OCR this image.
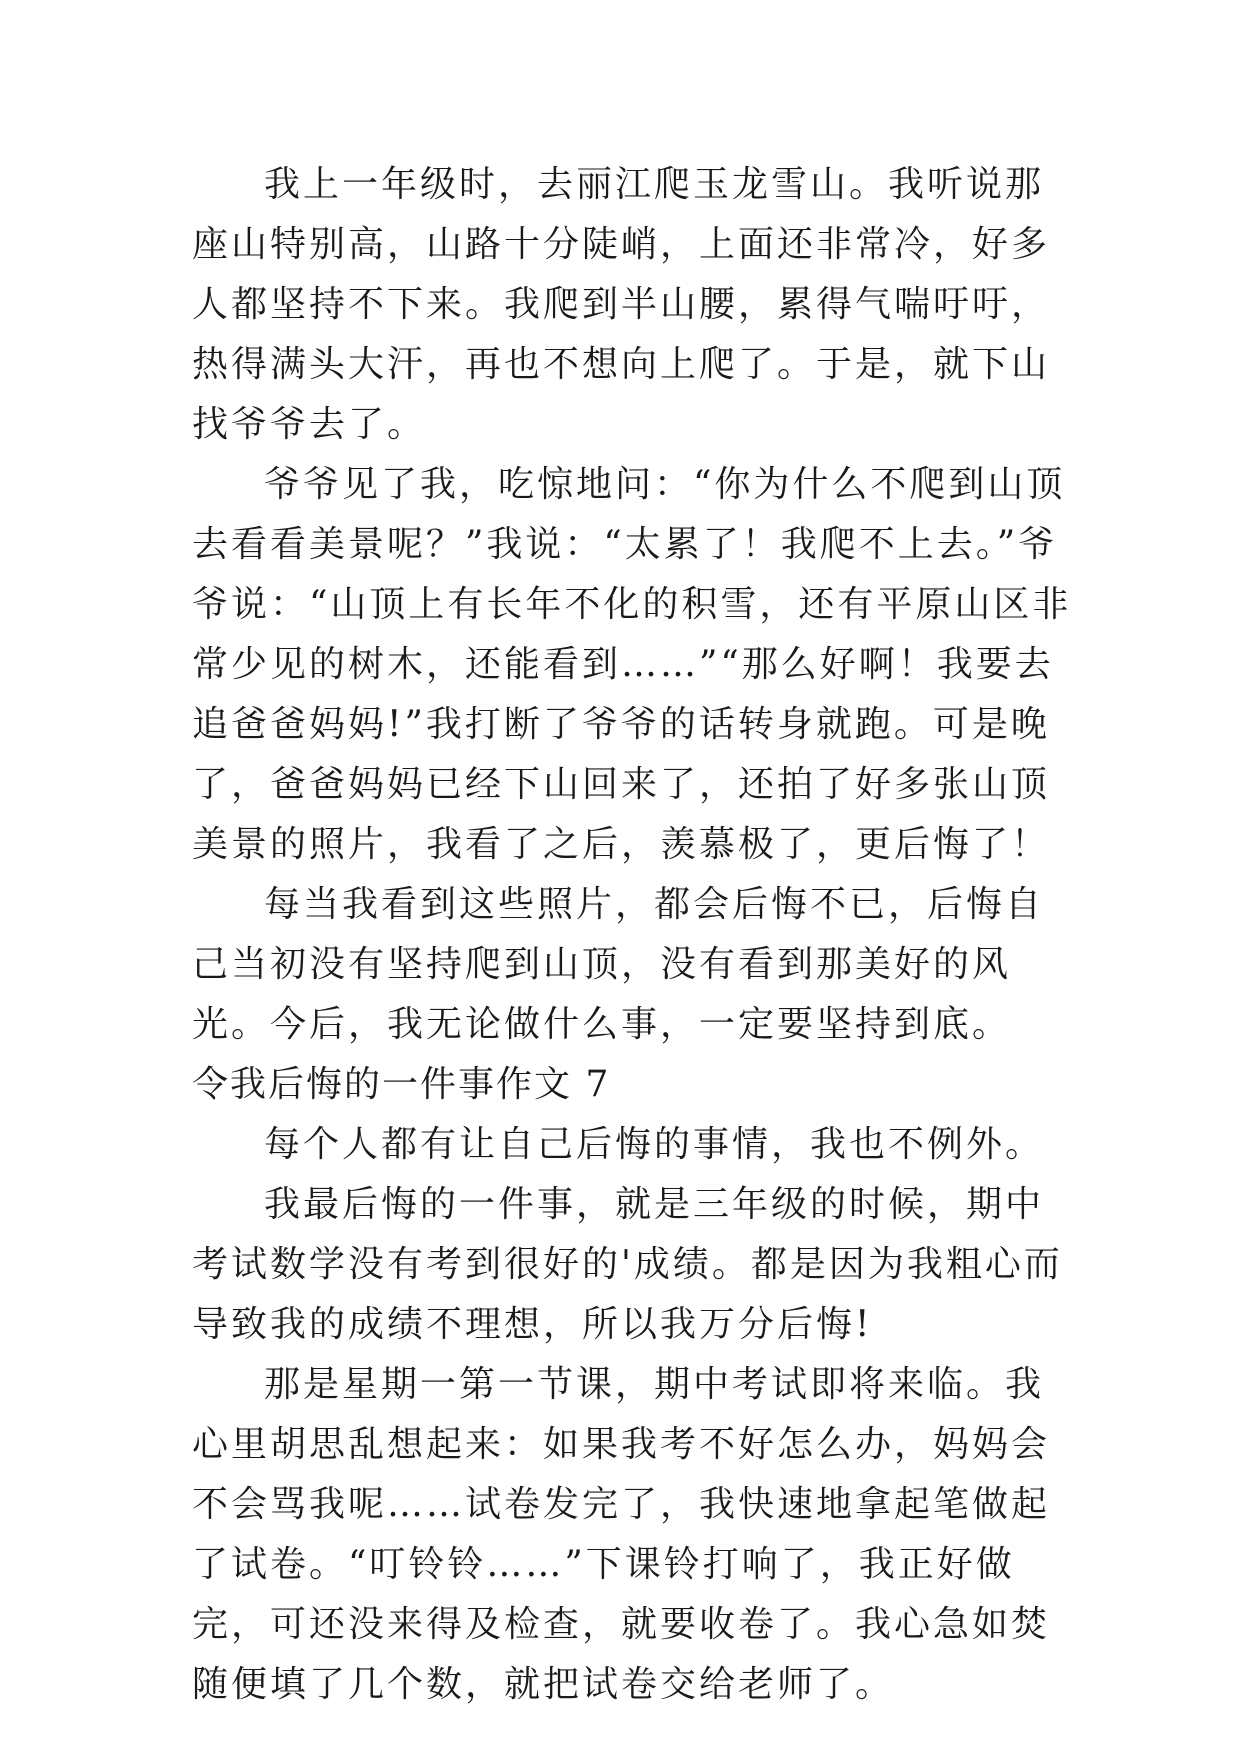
我上一年级时，去丽江爬玉龙雪山。我听说那座山特别高，山路十分陡峭，上面还非常冷，好多人都坚持不下来。我爬到半山腰，累得气喘吁吁，热得满头大汗，再也不想向上爬了。于是，就下山找爷爷去了。

爷爷见了我，吃惊地问：“你为什么不爬到山顶去看看美景呢？”我说：“太累了！我爬不上去。”爷爷说：“山顶上有长年不化的积雪，还有平原山区非常少见的树木，还能看到……”“那么好啊！我要去追爸爸妈妈!”我打断了爷爷的话转身就跑。可是晚了，爸爸妈妈已经下山回来了，还拍了好多张山顶美景的照片，我看了之后，羡慕极了，更后悔了！

每当我看到这些照片，都会后悔不已，后悔自己当初没有坚持爬到山顶，没有看到那美好的风光。今后，我无论做什么事，一定要坚持到底。

令我后悔的一件事作文 7

每个人都有让自己后悔的事情，我也不例外。

我最后悔的一件事，就是三年级的时候，期中考试数学没有考到很好的'成绩。都是因为我粗心而导致我的成绩不理想，所以我万分后悔!

那是星期一第一节课，期中考试即将来临。我心里胡思乱想起来：如果我考不好怎么办，妈妈会不会骂我呢……试卷发完了，我快速地拿起笔做起了试卷。“叮铃铃……”下课铃打响了，我正好做完，可还没来得及检查，就要收卷了。我心急如焚随便填了几个数，就把试卷交给老师了。
